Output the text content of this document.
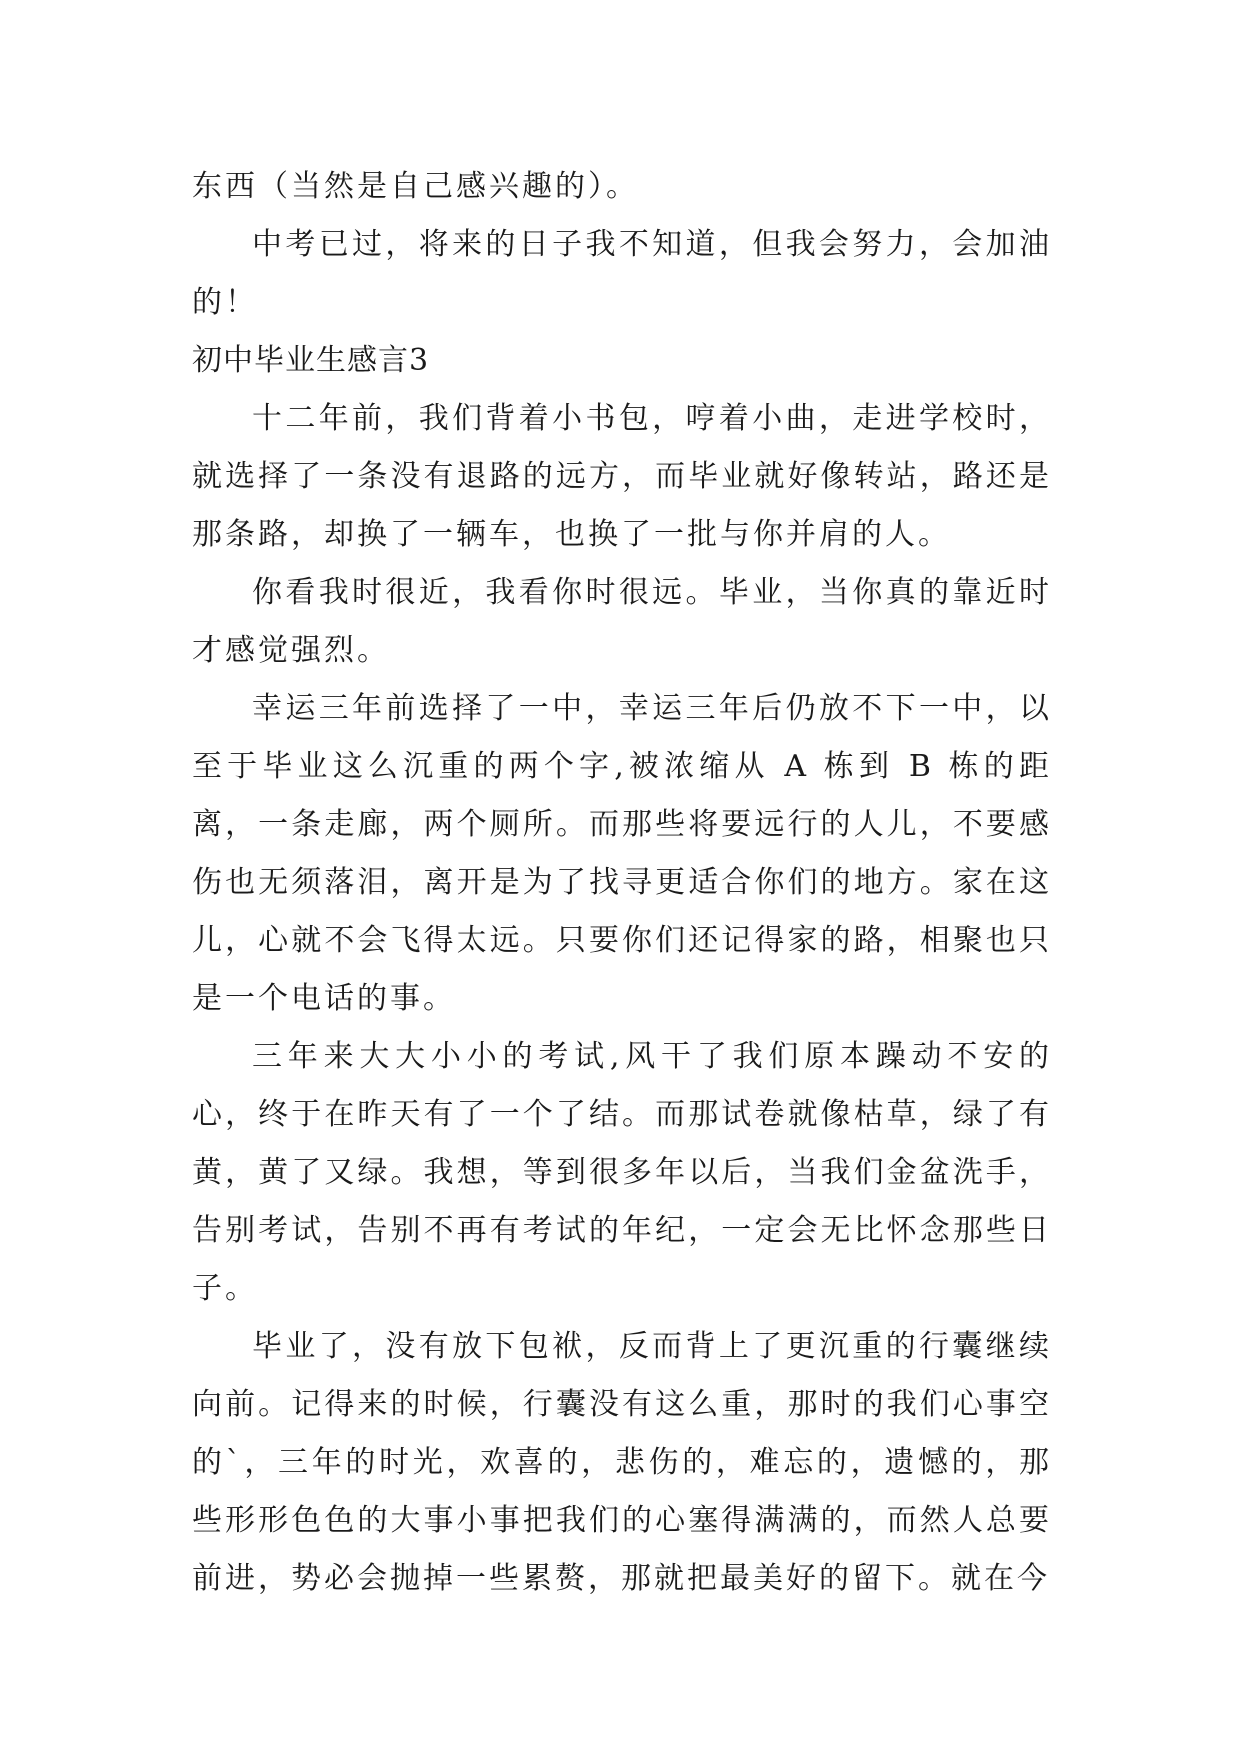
东西（当然是自己感兴趣的）。

中考已过，将来的日子我不知道，但我会努力，会加油的！

初中毕业生感言3

十二年前，我们背着小书包，哼着小曲，走进学校时，就选择了一条没有退路的远方，而毕业就好像转站，路还是那条路，却换了一辆车，也换了一批与你并肩的人。

你看我时很近，我看你时很远。毕业，当你真的靠近时才感觉强烈。

幸运三年前选择了一中，幸运三年后仍放不下一中，以至于毕业这么沉重的两个字,被浓缩从 A 栋到 B 栋的距离，一条走廊，两个厕所。而那些将要远行的人儿，不要感伤也无须落泪，离开是为了找寻更适合你们的地方。家在这儿，心就不会飞得太远。只要你们还记得家的路，相聚也只是一个电话的事。

三年来大大小小的考试,风干了我们原本躁动不安的心，终于在昨天有了一个了结。而那试卷就像枯草，绿了有黄，黄了又绿。我想，等到很多年以后，当我们金盆洗手，告别考试，告别不再有考试的年纪，一定会无比怀念那些日子。

毕业了，没有放下包袱，反而背上了更沉重的行囊继续向前。记得来的时候，行囊没有这么重，那时的我们心事空的`，三年的时光，欢喜的，悲伤的，难忘的，遗憾的，那些形形色色的大事小事把我们的心塞得满满的，而然人总要前进，势必会抛掉一些累赘，那就把最美好的留下。就在今
